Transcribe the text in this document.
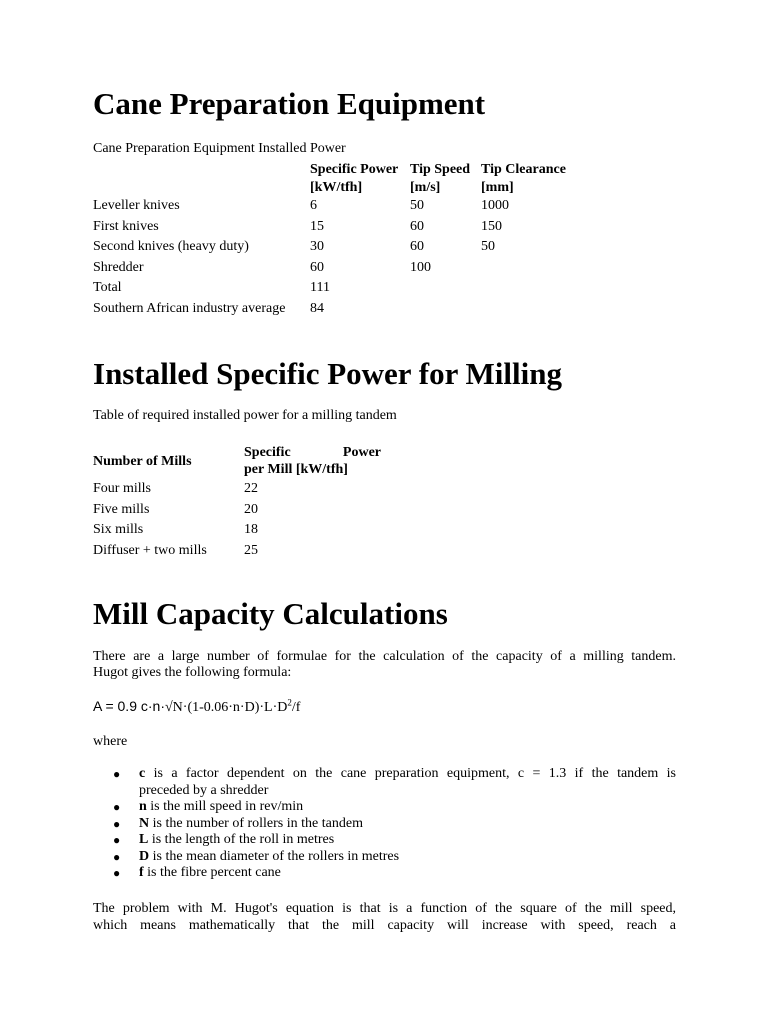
Cane Preparation Equipment
Cane Preparation Equipment Installed Power

	Specific Power	Tip Speed	Tip Clearance

	[kW/tfh]	[m/s]	[mm]
Leveller knives	6	50	1000
First knives	15	60	150
Second knives (heavy duty)	30	60	50
Shredder	60	100	
Total	111		
Southern African industry average	84		
Installed Specific Power for Milling
Table of required installed power for a milling tandem
Number of Mills	Specific Power
per Mill [kW/tfh]

Four mills	22
Five mills	20
Six mills	18
Diffuser + two mills	25
Mill Capacity Calculations
There are a large number of formulae for the calculation of the capacity of a milling tandem.
Hugot gives the following formula:
A = 0.9 $c\cdot n\cdot√N\cdot(1-0.06\cdot n\cdot D)\cdot L\cdot D^2/f$
where
● c is a factor dependent on the cane preparation equipment, c = 1.3 if the tandem is
preceded by a shredder
● n is the mill speed in rev/min
● N is the number of rollers in the tandem
● L is the length of the roll in metres
● D is the mean diameter of the rollers in metres
● f is the fibre percent cane
The problem with M. Hugot's equation is that is a function of the square of the mill speed,
which means mathematically that the mill capacity will increase with speed, reach a
